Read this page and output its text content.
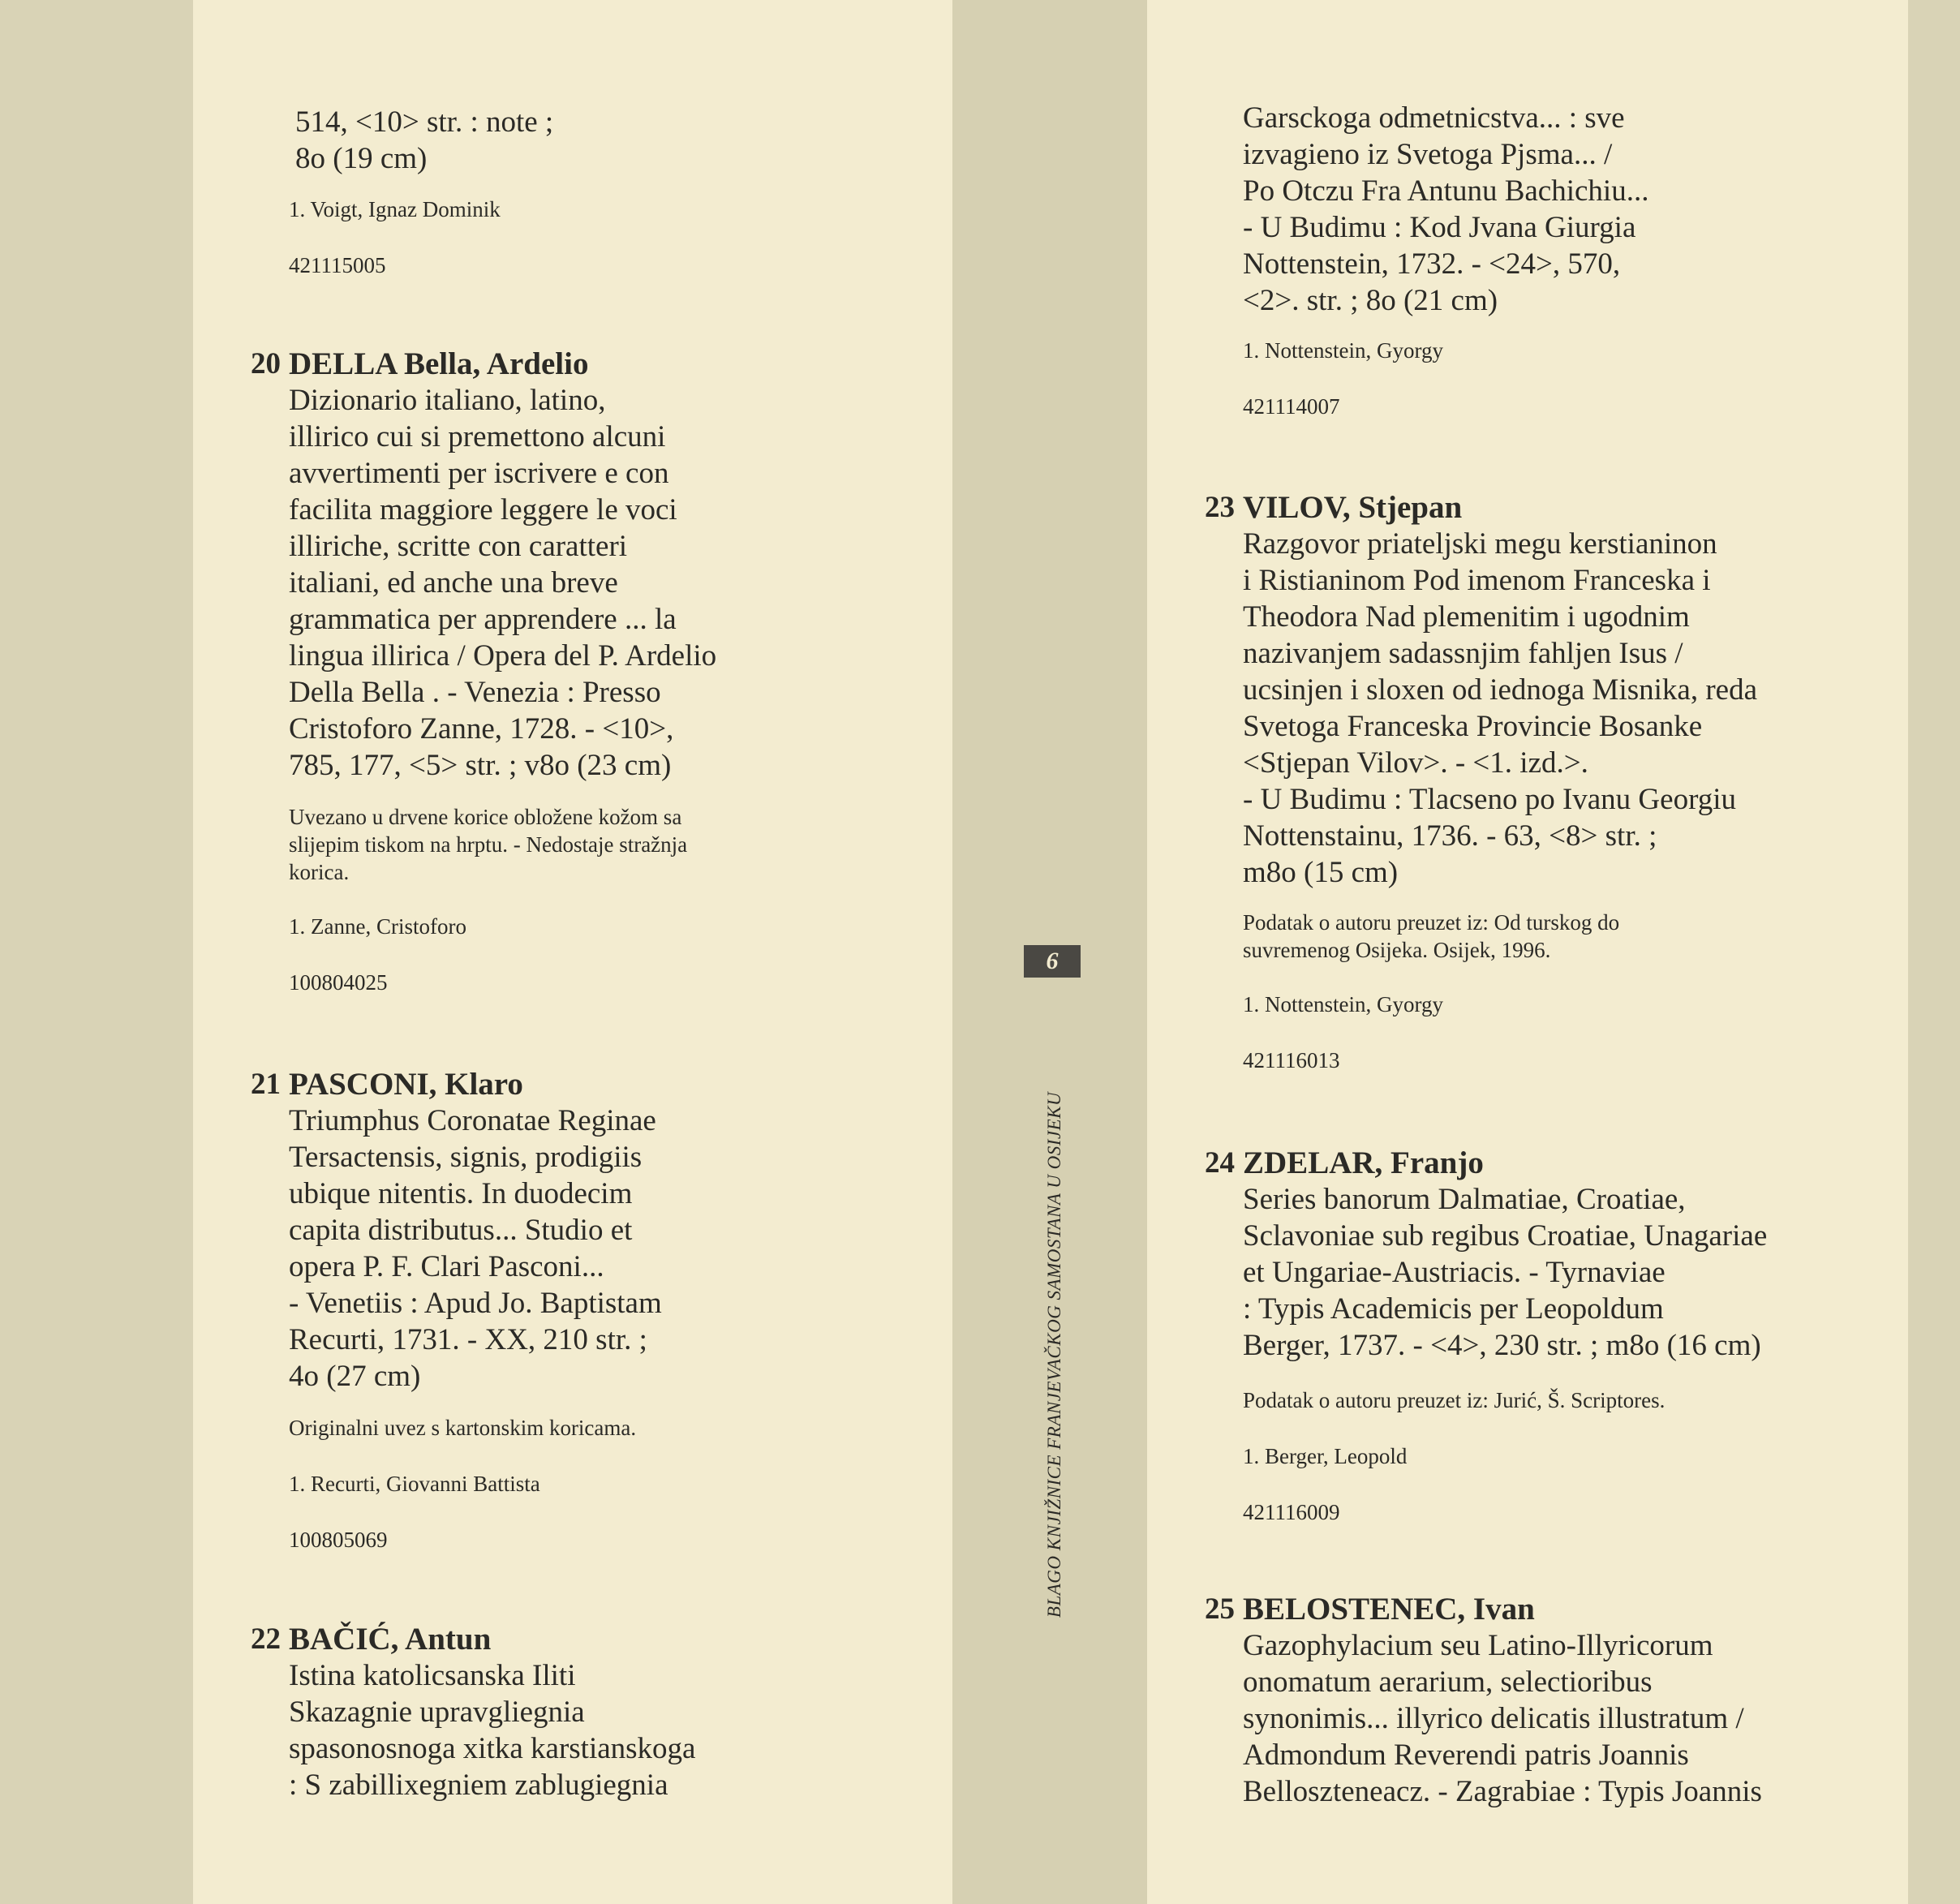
514, <10> str. : note ;
8o (19 cm)

1. Voigt, Ignaz Dominik

421115005

20 DELLA Bella, Ardelio

Dizionario italiano, latino,
illirico cui si premettono alcuni
avvertimenti per iscrivere e con
facilita maggiore leggere le voci
illiriche, scritte con caratteri
italiani, ed anche una breve
grammatica per apprendere ... la
lingua illirica / Opera del P. Ardelio
Della Bella . - Venezia : Presso
Cristoforo Zanne, 1728. - <10>,
785, 177, <5> str. ; v8o (23 cm)

Uvezano u drvene korice obložene kožom sa
slijepim tiskom na hrptu. - Nedostaje stražnja
korica.

1. Zanne, Cristoforo

100804025

21 PASCONI, Klaro

Triumphus Coronatae Reginae
Tersactensis, signis, prodigiis
ubique nitentis. In duodecim
capita distributus... Studio et
opera P. F. Clari Pasconi...
- Venetiis : Apud Jo. Baptistam
Recurti, 1731. - XX, 210 str. ;
4o (27 cm)

Originalni uvez s kartonskim koricama.

1. Recurti, Giovanni Battista

100805069

22 BAČIĆ, Antun

Istina katolicsanska Iliti
Skazagnie upravgliegnia
spasonosnoga xitka karstianskoga
: S zabillixegniem zablugiegnia

6
BLAGO KNJIŽNICE FRANJEVAČKOG SAMOSTANA U OSIJEKU

Garsckoga odmetnicstva... : sve
izvagieno iz Svetoga Pjsma... /
Po Otczu Fra Antunu Bachichiu...
- U Budimu : Kod Jvana Giurgia
Nottenstein, 1732. - <24>, 570,
<2>. str. ; 8o (21 cm)

1. Nottenstein, Gyorgy

421114007

23 VILOV, Stjepan

Razgovor priateljski megu kerstianinon
i Ristianinom Pod imenom Franceska i
Theodora Nad plemenitim i ugodnim
nazivanjem sadassnjim fahljen Isus /
ucsinjen i sloxen od iednoga Misnika, reda
Svetoga Franceska Provincie Bosanke
<Stjepan Vilov>. - <1. izd.>.
- U Budimu : Tlacseno po Ivanu Georgiu
Nottenstainu, 1736. - 63, <8> str. ;
m8o (15 cm)

Podatak o autoru preuzet iz: Od turskog do
suvremenog Osijeka. Osijek, 1996.

1. Nottenstein, Gyorgy

421116013

24 ZDELAR, Franjo

Series banorum Dalmatiae, Croatiae,
Sclavoniae sub regibus Croatiae, Unagariae
et Ungariae-Austriacis. - Tyrnaviae
: Typis Academicis per Leopoldum
Berger, 1737. - <4>, 230 str. ; m8o (16 cm)

Podatak o autoru preuzet iz: Jurić, Š. Scriptores.

1. Berger, Leopold

421116009

25 BELOSTENEC, Ivan

Gazophylacium seu Latino-Illyricorum
onomatum aerarium, selectioribus
synonimis... illyrico delicatis illustratum /
Admondum Reverendi patris Joannis
Belloszteneacz. - Zagrabiae : Typis Joannis
